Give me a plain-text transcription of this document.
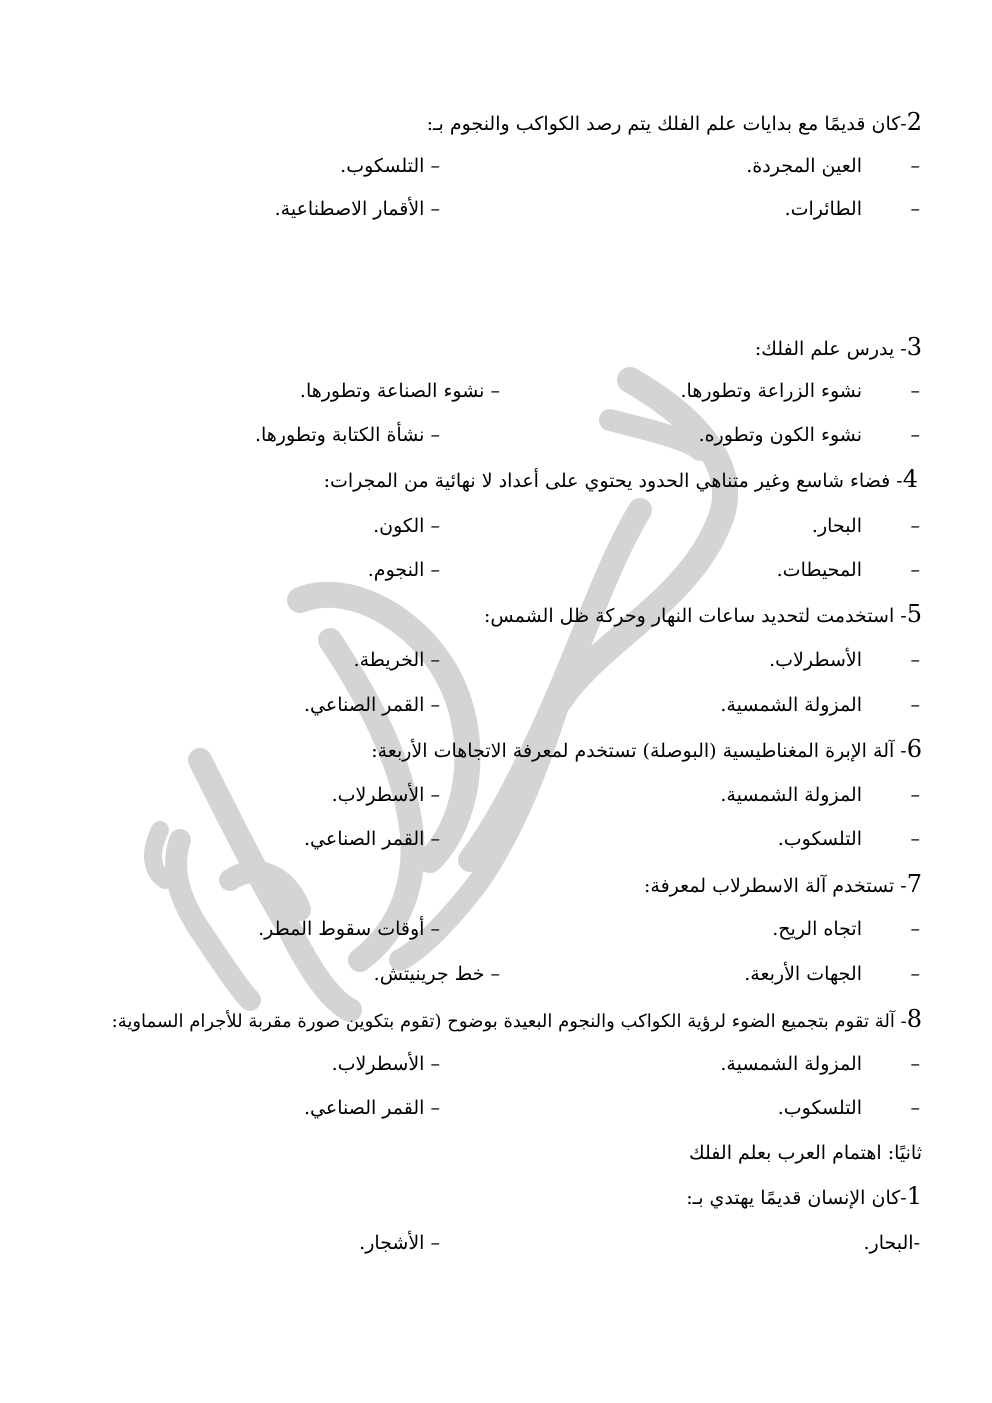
2-كان قديمًا مع بدايات علم الفلك يتم رصد الكواكب والنجوم بـ:
–
العين المجردة.
– التلسكوب.
–
الطائرات.
– الأقمار الاصطناعية.
3- يدرس علم الفلك:
–
نشوء الزراعة وتطورها.
– نشوء الصناعة وتطورها.
–
نشوء الكون وتطوره.
– نشأة الكتابة وتطورها.
4- فضاء شاسع وغير متناهي الحدود يحتوي على أعداد لا نهائية من المجرات:
–
البحار.
– الكون.
–
المحيطات.
– النجوم.
5- استخدمت لتحديد ساعات النهار وحركة ظل الشمس:
–
الأسطرلاب.
– الخريطة.
–
المزولة الشمسية.
– القمر الصناعي.
6- آلة الإبرة المغناطيسية (البوصلة) تستخدم لمعرفة الاتجاهات الأربعة:
–
المزولة الشمسية.
– الأسطرلاب.
–
التلسكوب.
– القمر الصناعي.
7- تستخدم آلة الاسطرلاب لمعرفة:
–
اتجاه الريح.
– أوقات سقوط المطر.
–
الجهات الأربعة.
– خط جرينيتش.
8- آلة تقوم بتجميع الضوء لرؤية الكواكب والنجوم البعيدة بوضوح (تقوم بتكوين صورة مقربة للأجرام السماوية:
–
المزولة الشمسية.
– الأسطرلاب.
–
التلسكوب.
– القمر الصناعي.
ثانيًا: اهتمام العرب بعلم الفلك
1-كان الإنسان قديمًا يهتدي بـ:
-البحار.
– الأشجار.
